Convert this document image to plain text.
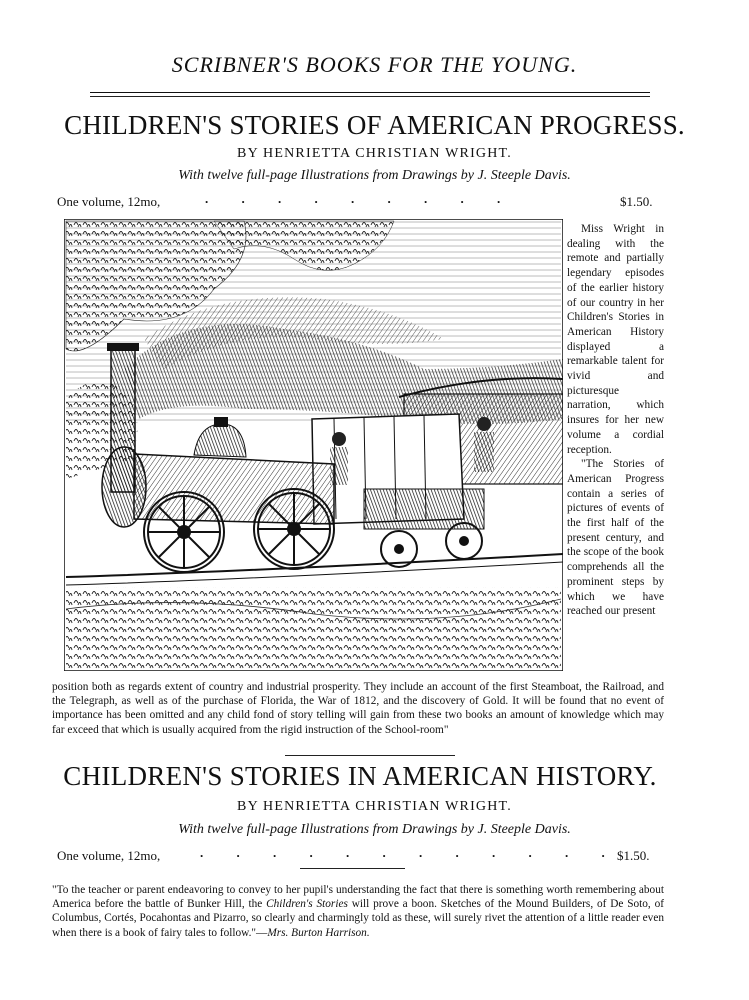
SCRIBNER'S BOOKS FOR THE YOUNG.
CHILDREN'S STORIES OF AMERICAN PROGRESS.
BY HENRIETTA CHRISTIAN WRIGHT.
With twelve full-page Illustrations from Drawings by J. Steeple Davis.
One volume, 12mo,	. . . . . . . . .	$1.50.

Miss Wright in dealing with the remote and partially legendary episodes of the earlier history of our country in her Children's Stories in American History displayed a remarkable talent for vivid and picturesque narration, which insures for her new volume a cordial reception.

"The Stories of American Progress contain a series of pictures of events of the first half of the present century, and the scope of the book comprehends all the prominent steps by which we have reached our present

position both as regards extent of country and industrial prosperity. They include an account of the first Steamboat, the Railroad, and the Telegraph, as well as of the purchase of Florida, the War of 1812, and the discovery of Gold. It will be found that no event of importance has been omitted and any child fond of story telling will gain from these two books an amount of knowledge which may far exceed that which is usually acquired from the rigid instruction of the School-room"
CHILDREN'S STORIES IN AMERICAN HISTORY.
BY HENRIETTA CHRISTIAN WRIGHT.
With twelve full-page Illustrations from Drawings by J. Steeple Davis.
One volume, 12mo,	. . . . . . . . . . . .
$1.50.
"To the teacher or parent endeavoring to convey to her pupil's understanding the fact that there is something worth remembering about America before the battle of Bunker Hill, the Children's Stories will prove a boon. Sketches of the Mound Builders, of De Soto, of Columbus, Cortés, Pocahontas and Pizarro, so clearly and charmingly told as these, will surely rivet the attention of a little reader even when there is a book of fairy tales to follow."—Mrs. Burton Harrison.
